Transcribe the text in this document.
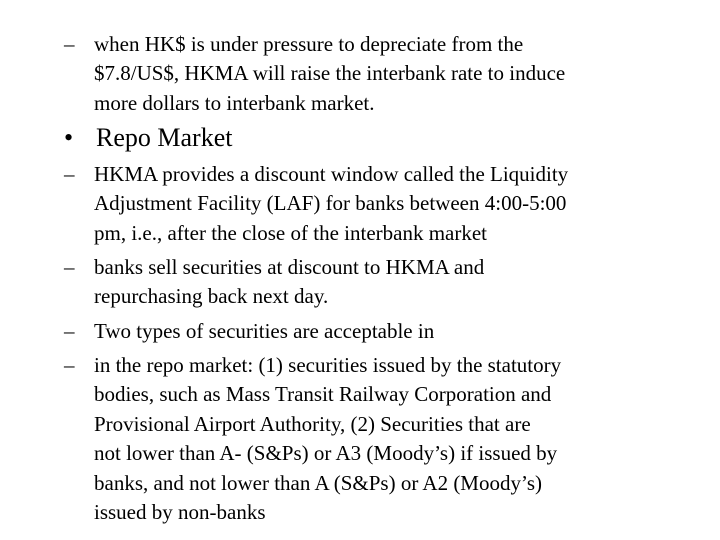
– when HK$ is under pressure to depreciate from the
$7.8/US$, HKMA will raise the interbank rate to induce
more dollars to interbank market.
• Repo Market
– HKMA provides a discount window called the Liquidity
Adjustment Facility (LAF) for banks between 4:00-5:00
pm, i.e., after the close of the interbank market
– banks sell securities at discount to HKMA and
repurchasing back next day.
– Two types of securities are acceptable in
– in the repo market: (1) securities issued by the statutory
bodies, such as Mass Transit Railway Corporation and
Provisional Airport Authority, (2) Securities that are
not lower than A- (S&Ps) or A3 (Moody’s) if issued by
banks, and not lower than A (S&Ps) or A2 (Moody’s)
issued by non-banks
